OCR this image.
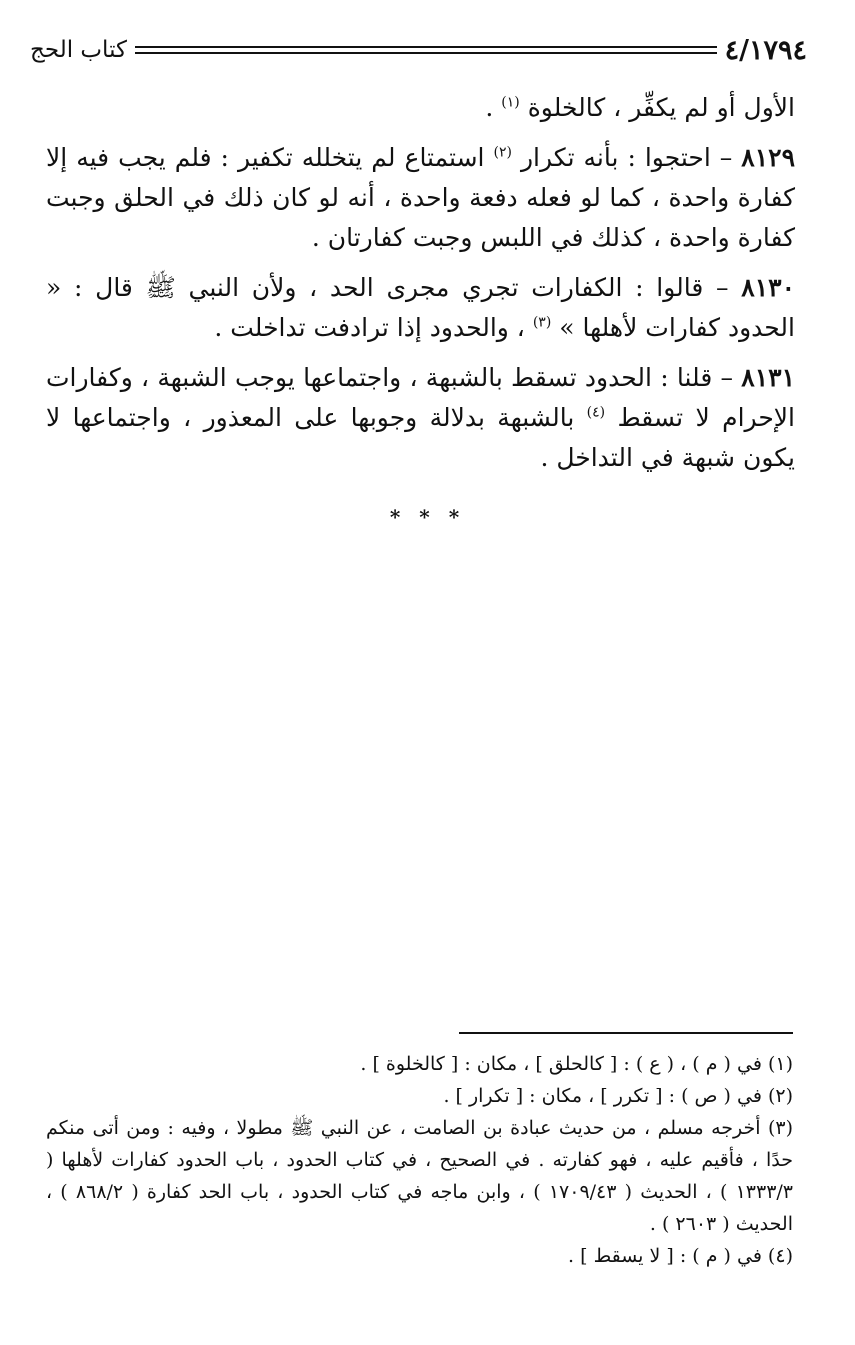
٤/١٧٩٤
كتاب الحج

الأول أو لم يكفِّر ، كالخلوة $^{(١)}$ .

٨١٢٩ – احتجوا : بأنه تكرار $^{(٢)}$ استمتاع لم يتخلله تكفير : فلم يجب فيه إلا كفارة واحدة ، كما لو فعله دفعة واحدة ، أنه لو كان ذلك في الحلق وجبت كفارة واحدة ، كذلك في اللبس وجبت كفارتان .

٨١٣٠ – قالوا : الكفارات تجري مجرى الحد ، ولأن النبي ﷺ قال : « الحدود كفارات لأهلها » $^{(٣)}$ ، والحدود إذا ترادفت تداخلت .

٨١٣١ – قلنا : الحدود تسقط بالشبهة ، واجتماعها يوجب الشبهة ، وكفارات الإحرام لا تسقط $^{(٤)}$ بالشبهة بدلالة وجوبها على المعذور ، واجتماعها لا يكون شبهة في التداخل .

* * *

(١) في ( م ) ، ( ع ) : [ كالحلق ] ، مكان : [ كالخلوة ] .

(٢) في ( ص ) : [ تكرر ] ، مكان : [ تكرار ] .

(٣) أخرجه مسلم ، من حديث عبادة بن الصامت ، عن النبي ﷺ مطولا ، وفيه : ومن أتى منكم حدًا ، فأقيم عليه ، فهو كفارته . في الصحيح ، في كتاب الحدود ، باب الحدود كفارات لأهلها ( ١٣٣٣/٣ ) ، الحديث ( ١٧٠٩/٤٣ ) ، وابن ماجه في كتاب الحدود ، باب الحد كفارة ( ٨٦٨/٢ ) ، الحديث ( ٢٦٠٣ ) .

(٤) في ( م ) : [ لا يسقط ] .
